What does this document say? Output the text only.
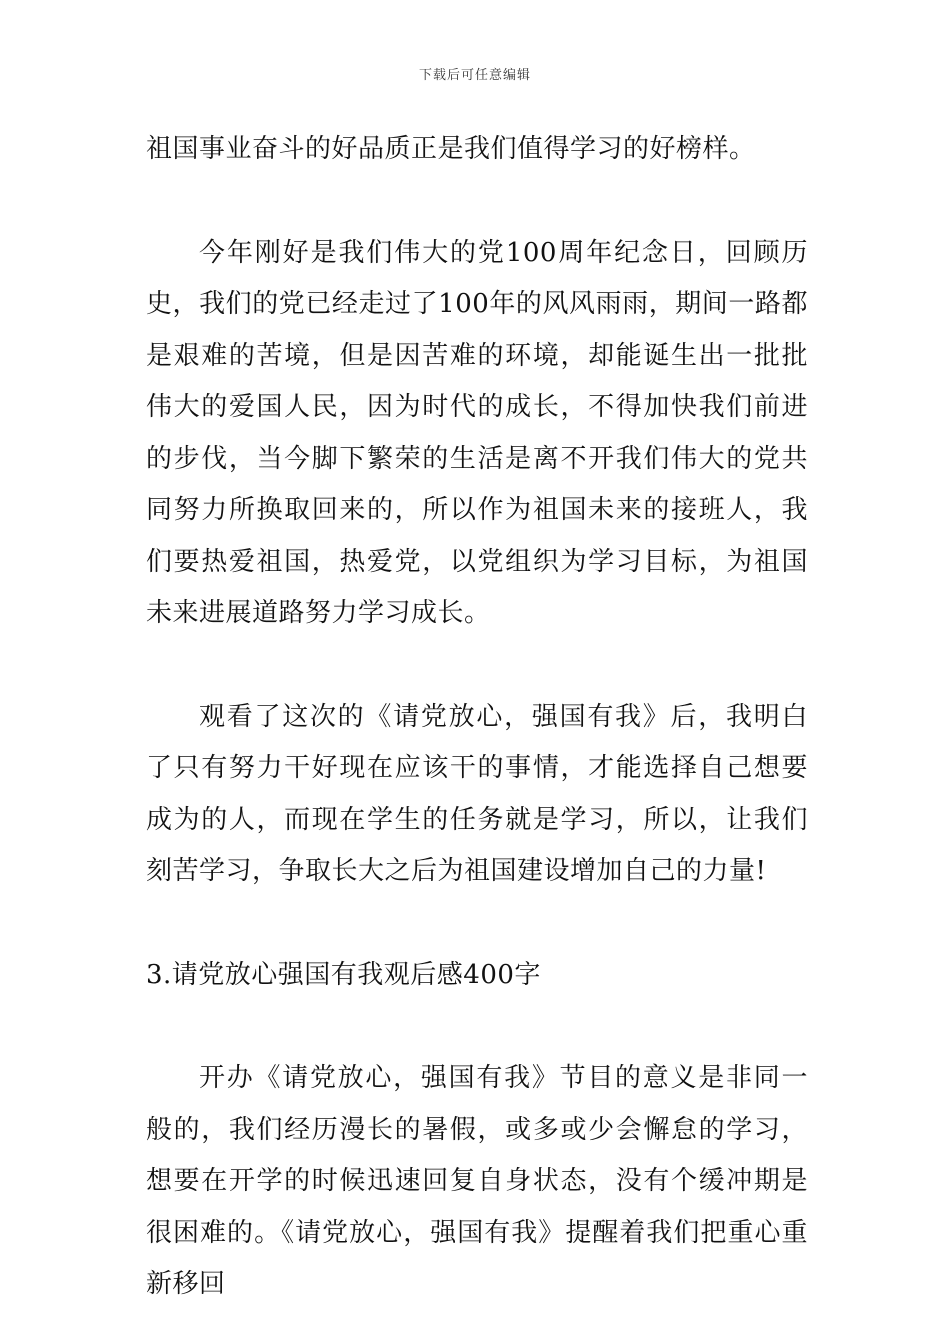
下载后可任意编辑

祖国事业奋斗的好品质正是我们值得学习的好榜样。

今年刚好是我们伟大的党100周年纪念日，回顾历史，我们的党已经走过了100年的风风雨雨，期间一路都是艰难的苦境，但是因苦难的环境，却能诞生出一批批伟大的爱国人民，因为时代的成长，不得加快我们前进的步伐，当今脚下繁荣的生活是离不开我们伟大的党共同努力所换取回来的，所以作为祖国未来的接班人，我们要热爱祖国，热爱党，以党组织为学习目标，为祖国未来进展道路努力学习成长。

观看了这次的《请党放心，强国有我》后，我明白了只有努力干好现在应该干的事情，才能选择自己想要成为的人，而现在学生的任务就是学习，所以，让我们刻苦学习，争取长大之后为祖国建设增加自己的力量!

3.请党放心强国有我观后感400字

开办《请党放心，强国有我》节目的意义是非同一般的，我们经历漫长的暑假，或多或少会懈怠的学习，想要在开学的时候迅速回复自身状态，没有个缓冲期是很困难的。《请党放心，强国有我》提醒着我们把重心重新移回
